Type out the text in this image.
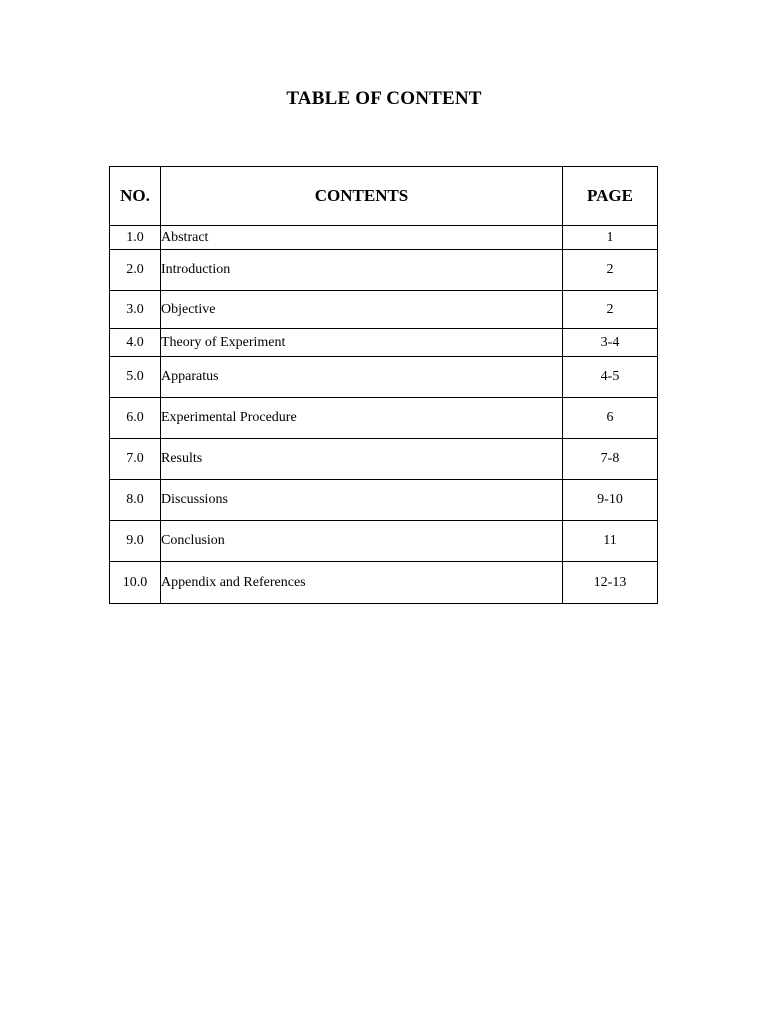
TABLE OF CONTENT
NO.	CONTENTS	PAGE
1.0	Abstract	1
2.0	Introduction	2
3.0	Objective	2
4.0	Theory of Experiment	3-4
5.0	Apparatus	4-5
6.0	Experimental Procedure	6
7.0	Results	7-8
8.0	Discussions	9-10
9.0	Conclusion	11
10.0	Appendix and References	12-13
